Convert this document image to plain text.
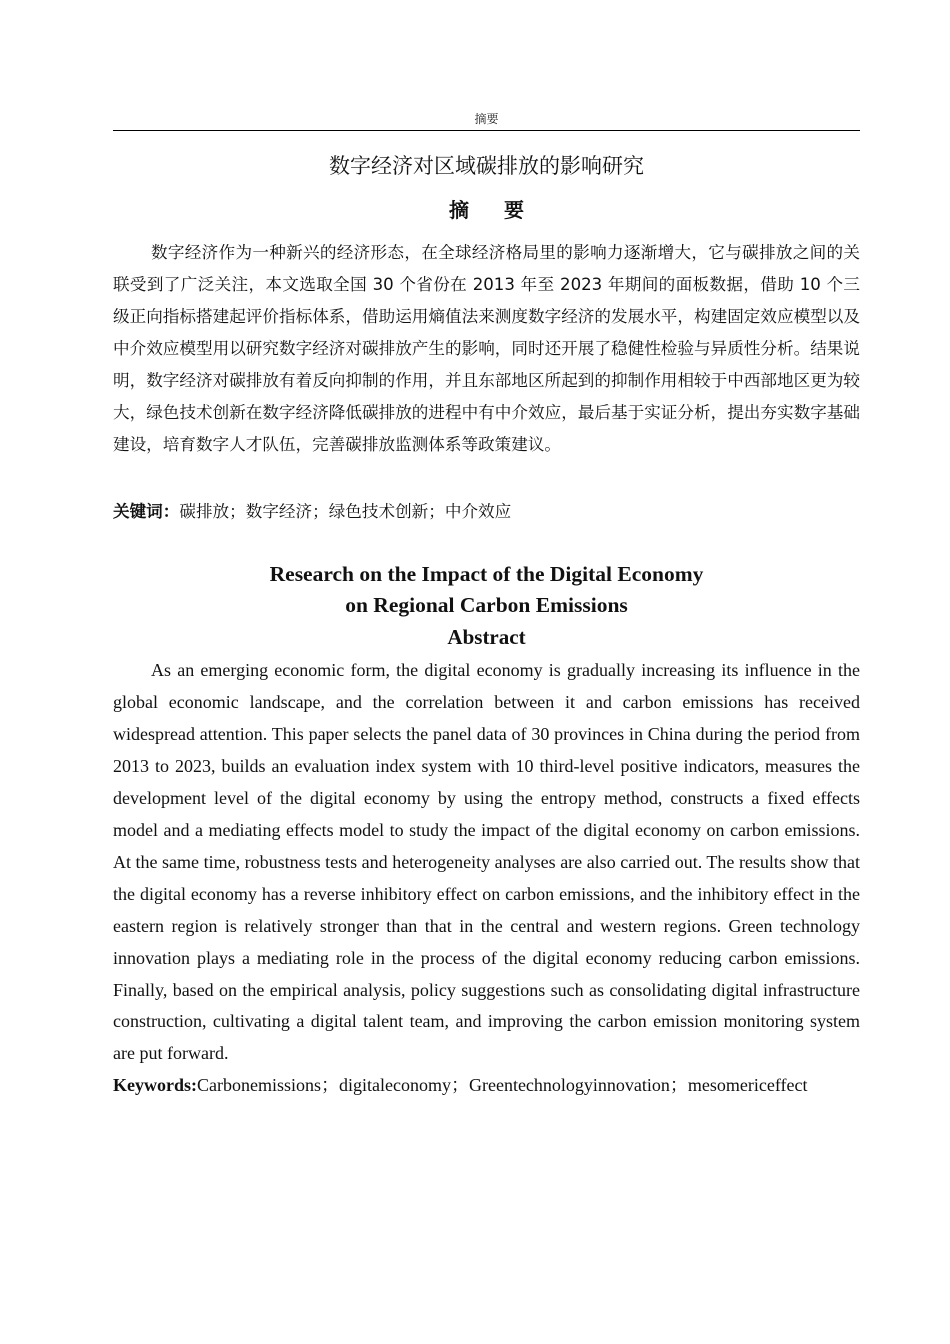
摘要
数字经济对区域碳排放的影响研究
摘 要

数字经济作为一种新兴的经济形态，在全球经济格局里的影响力逐渐增大，它与碳排放之间的关联受到了广泛关注，本文选取全国 30 个省份在 2013 年至 2023 年期间的面板数据，借助 10 个三级正向指标搭建起评价指标体系，借助运用熵值法来测度数字经济的发展水平，构建固定效应模型以及中介效应模型用以研究数字经济对碳排放产生的影响，同时还开展了稳健性检验与异质性分析。结果说明，数字经济对碳排放有着反向抑制的作用，并且东部地区所起到的抑制作用相较于中西部地区更为较大，绿色技术创新在数字经济降低碳排放的进程中有中介效应，最后基于实证分析，提出夯实数字基础建设，培育数字人才队伍，完善碳排放监测体系等政策建议。

关键词：碳排放；数字经济；绿色技术创新；中介效应

Research on the Impact of the Digital Economy
on Regional Carbon Emissions
Abstract

As an emerging economic form, the digital economy is gradually increasing its influence in the global economic landscape, and the correlation between it and carbon emissions has received widespread attention. This paper selects the panel data of 30 provinces in China during the period from 2013 to 2023, builds an evaluation index system with 10 third-level positive indicators, measures the development level of the digital economy by using the entropy method, constructs a fixed effects model and a mediating effects model to study the impact of the digital economy on carbon emissions. At the same time, robustness tests and heterogeneity analyses are also carried out. The results show that the digital economy has a reverse inhibitory effect on carbon emissions, and the inhibitory effect in the eastern region is relatively stronger than that in the central and western regions. Green technology innovation plays a mediating role in the process of the digital economy reducing carbon emissions. Finally, based on the empirical analysis, policy suggestions such as consolidating digital infrastructure construction, cultivating a digital talent team, and improving the carbon emission monitoring system are put forward.

Keywords:Carbonemissions；digitaleconomy；Greentechnologyinnovation；mesomericeffect
